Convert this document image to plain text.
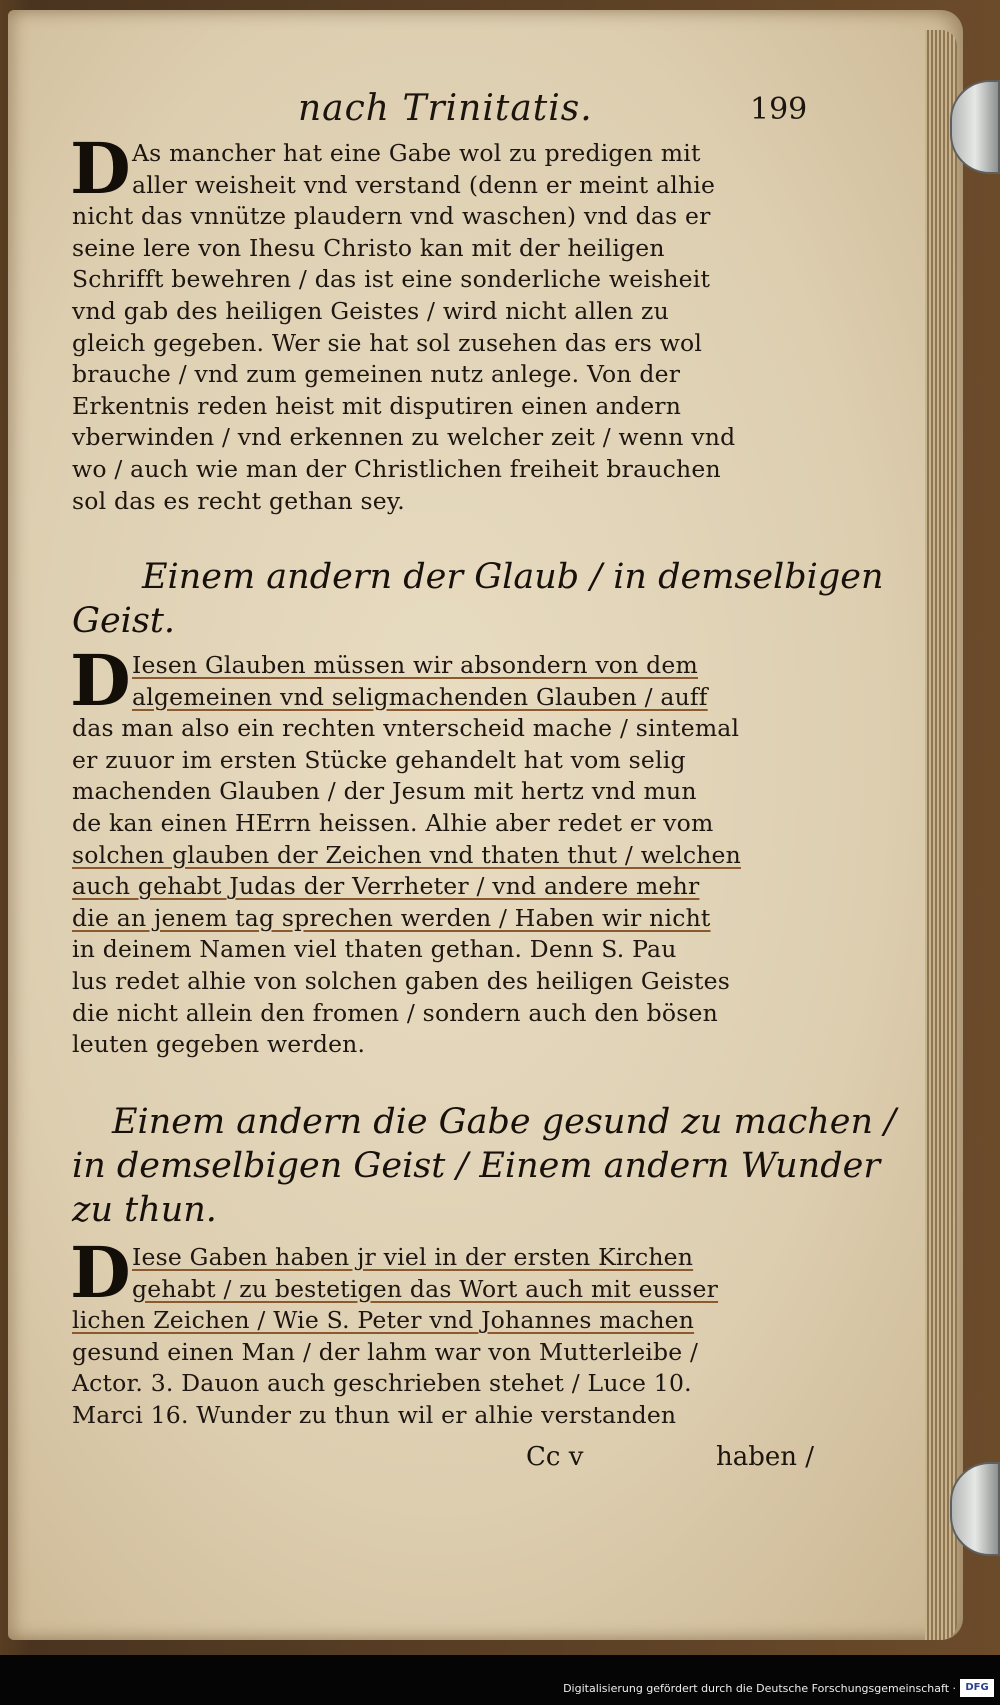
nach Trinitatis.	199
D As mancher hat eine Gabe wol zu predigen mit
aller weisheit vnd verstand (denn er meint alhie
nicht das vnnütze plaudern vnd waschen) vnd das er
seine lere von Ihesu Christo kan mit der heiligen
Schrifft bewehren / das ist eine sonderliche weisheit
vnd gab des heiligen Geistes / wird nicht allen zu
gleich gegeben. Wer sie hat sol zusehen das ers wol
brauche / vnd zum gemeinen nutz anlege. Von der
Erkentnis reden heist mit disputiren einen andern
vberwinden / vnd erkennen zu welcher zeit / wenn vnd
wo / auch wie man der Christlichen freiheit brauchen
sol das es recht gethan sey.
Einem andern der Glaub / in demselbigen
Geist.
D Iesen Glauben müssen wir absondern von dem
algemeinen vnd seligmachenden Glauben / auff
das man also ein rechten vnterscheid mache / sintemal
er zuuor im ersten Stücke gehandelt hat vom selig
machenden Glauben / der Jesum mit hertz vnd mun
de kan einen HErrn heissen. Alhie aber redet er vom
solchen glauben der Zeichen vnd thaten thut / welchen
auch gehabt Judas der Verrheter / vnd andere mehr
die an jenem tag sprechen werden / Haben wir nicht
in deinem Namen viel thaten gethan. Denn S. Pau
lus redet alhie von solchen gaben des heiligen Geistes
die nicht allein den fromen / sondern auch den bösen
leuten gegeben werden.
Einem andern die Gabe gesund zu machen /
in demselbigen Geist / Einem andern Wunder
zu thun.
D Iese Gaben haben jr viel in der ersten Kirchen
gehabt / zu bestetigen das Wort auch mit eusser
lichen Zeichen / Wie S. Peter vnd Johannes machen
gesund einen Man / der lahm war von Mutterleibe /
Actor. 3. Dauon auch geschrieben stehet / Luce 10.
Marci 16. Wunder zu thun wil er alhie verstanden
Cc v	haben /
Digitalisierung gefördert durch die Deutsche Forschungsgemeinschaft · DFG
